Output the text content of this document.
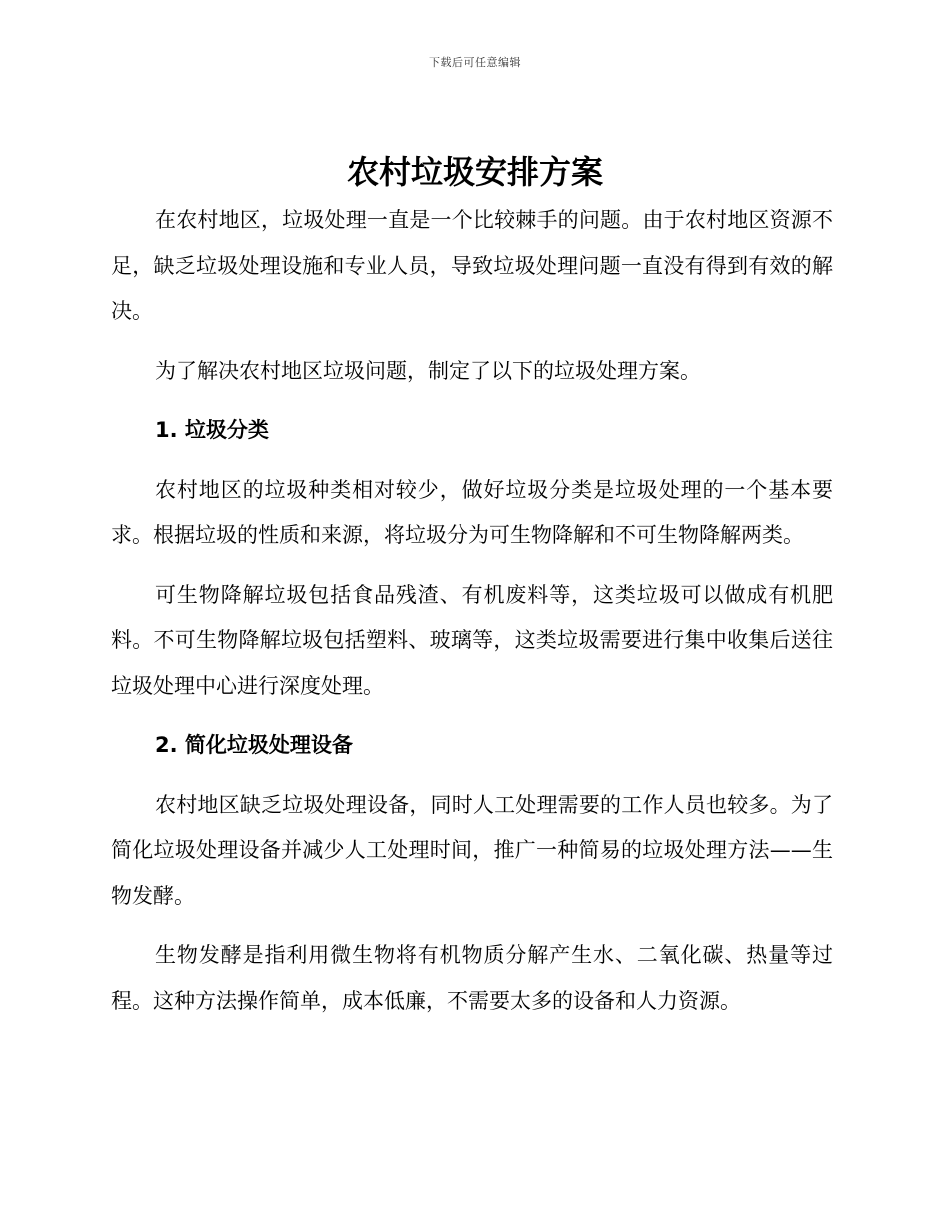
下载后可任意编辑
农村垃圾安排方案

在农村地区，垃圾处理一直是一个比较棘手的问题。由于农村地区资源不足，缺乏垃圾处理设施和专业人员，导致垃圾处理问题一直没有得到有效的解决。

为了解决农村地区垃圾问题，制定了以下的垃圾处理方案。

1. 垃圾分类

农村地区的垃圾种类相对较少，做好垃圾分类是垃圾处理的一个基本要求。根据垃圾的性质和来源，将垃圾分为可生物降解和不可生物降解两类。

可生物降解垃圾包括食品残渣、有机废料等，这类垃圾可以做成有机肥料。不可生物降解垃圾包括塑料、玻璃等，这类垃圾需要进行集中收集后送往垃圾处理中心进行深度处理。

2. 简化垃圾处理设备

农村地区缺乏垃圾处理设备，同时人工处理需要的工作人员也较多。为了简化垃圾处理设备并减少人工处理时间，推广一种简易的垃圾处理方法——生物发酵。

生物发酵是指利用微生物将有机物质分解产生水、二氧化碳、热量等过程。这种方法操作简单，成本低廉，不需要太多的设备和人力资源。
